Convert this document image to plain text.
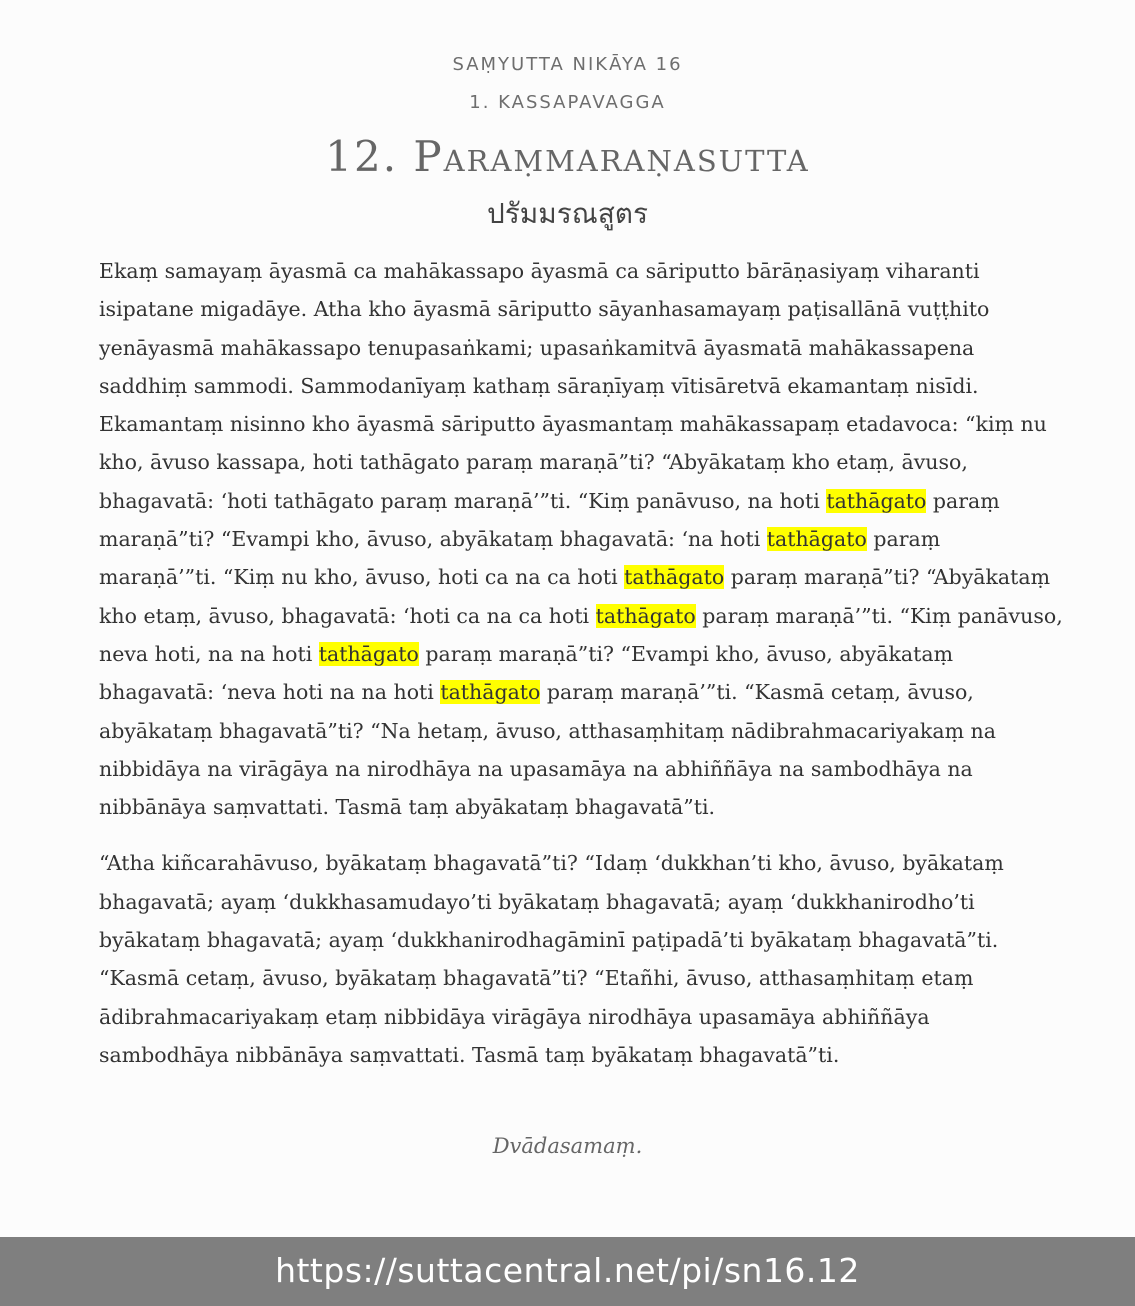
SAṂYUTTA NIKĀYA 16
1. KASSAPAVAGGA
12. Paraṃmaraṇasutta
ปรัมมรณสูตร

Ekaṃ samayaṃ āyasmā ca mahākassapo āyasmā ca sāriputto bārāṇasiyaṃ viharanti isipatane migadāye. Atha kho āyasmā sāriputto sāyanhasamayaṃ paṭisallānā vuṭṭhito yenāyasmā mahākassapo tenupasaṅkami; upasaṅkamitvā āyasmatā mahākassapena saddhiṃ sammodi. Sammodanīyaṃ kathaṃ sāraṇīyaṃ vītisāretvā ekamantaṃ nisīdi. Ekamantaṃ nisinno kho āyasmā sāriputto āyasmantaṃ mahākassapaṃ etadavoca: “kiṃ nu kho, āvuso kassapa, hoti tathāgato paraṃ maraṇā”ti? “Abyākataṃ kho etaṃ, āvuso, bhagavatā: ‘hoti tathāgato paraṃ maraṇā’”ti. “Kiṃ panāvuso, na hoti tathāgato paraṃ maraṇā”ti? “Evampi kho, āvuso, abyākataṃ bhagavatā: ‘na hoti tathāgato paraṃ maraṇā’”ti. “Kiṃ nu kho, āvuso, hoti ca na ca hoti tathāgato paraṃ maraṇā”ti? “Abyākataṃ kho etaṃ, āvuso, bhagavatā: ‘hoti ca na ca hoti tathāgato paraṃ maraṇā’”ti. “Kiṃ panāvuso, neva hoti, na na hoti tathāgato paraṃ maraṇā”ti? “Evampi kho, āvuso, abyākataṃ bhagavatā: ‘neva hoti na na hoti tathāgato paraṃ maraṇā’”ti. “Kasmā cetaṃ, āvuso, abyākataṃ bhagavatā”ti? “Na hetaṃ, āvuso, atthasaṃhitaṃ nādibrahmacariyakaṃ na nibbidāya na virāgāya na nirodhāya na upasamāya na abhiññāya na sambodhāya na nibbānāya saṃvattati. Tasmā taṃ abyākataṃ bhagavatā”ti.

“Atha kiñcarahāvuso, byākataṃ bhagavatā”ti? “Idaṃ ‘dukkhan’ti kho, āvuso, byākataṃ bhagavatā; ayaṃ ‘dukkhasamudayo’ti byākataṃ bhagavatā; ayaṃ ‘dukkhanirodho’ti byākataṃ bhagavatā; ayaṃ ‘dukkhanirodhagāminī paṭipadā’ti byākataṃ bhagavatā”ti. “Kasmā cetaṃ, āvuso, byākataṃ bhagavatā”ti? “Etañhi, āvuso, atthasaṃhitaṃ etaṃ ādibrahmacariyakaṃ etaṃ nibbidāya virāgāya nirodhāya upasamāya abhiññāya sambodhāya nibbānāya saṃvattati. Tasmā taṃ byākataṃ bhagavatā”ti.

Dvādasamaṃ.
https://suttacentral.net/pi/sn16.12
